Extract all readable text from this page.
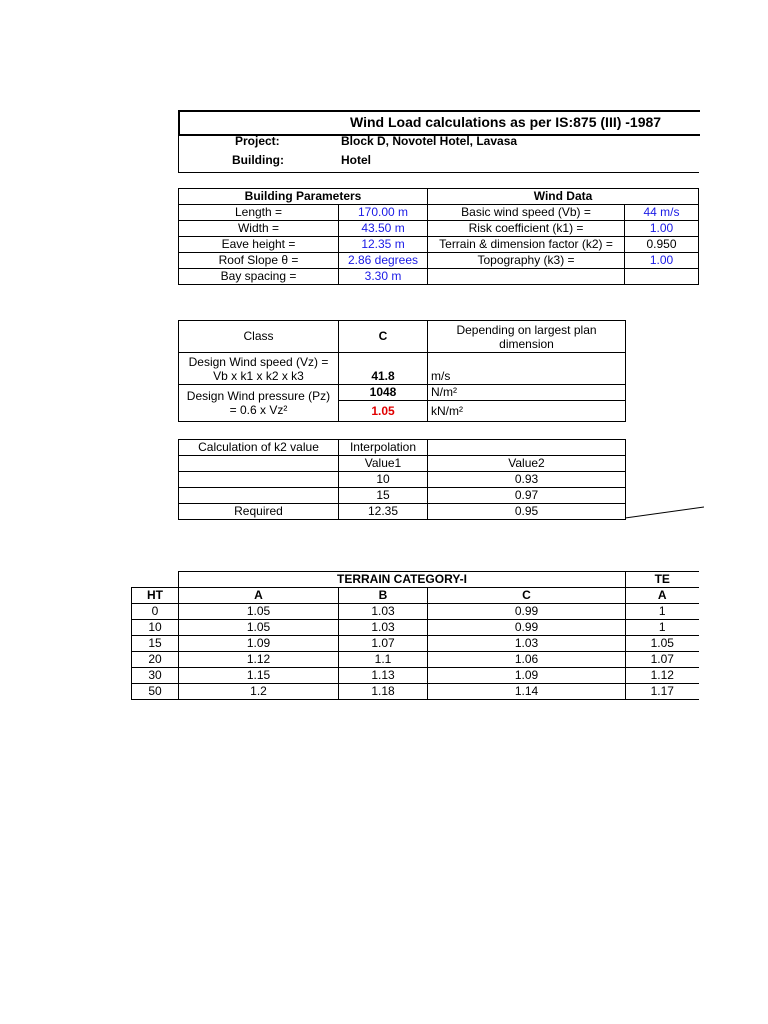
Wind Load calculations as per IS:875 (III) -1987
Project:	Block D, Novotel Hotel, Lavasa
Building:	Hotel
Building Parameters		Wind Data	
Length =	170.00 m	Basic wind speed (Vb) =	44 m/s
Width =	43.50 m	Risk coefficient (k1) =	1.00
Eave height =	12.35 m	Terrain & dimension factor (k2) =	0.950
Roof Slope θ =	2.86 degrees	Topography (k3) =	1.00
Bay spacing =	3.30 m		
Class	C	Depending on largest plan
dimension

Design Wind speed (Vz) =
Vb x k1 x k2 x k3	41.8	m/s

Design Wind pressure (Pz)
= 0.6 x Vz²	1048	N/m²
	1.05	kN/m²
Calculation of k2 value	Interpolation	
	Value1	Value2
	10	0.93
	15	0.97
Required	12.35	0.95
	TERRAIN CATEGORY-I			TE
HT	A	B	C	A
0	1.05	1.03	0.99	1
10	1.05	1.03	0.99	1
15	1.09	1.07	1.03	1.05
20	1.12	1.1	1.06	1.07
30	1.15	1.13	1.09	1.12
50	1.2	1.18	1.14	1.17
